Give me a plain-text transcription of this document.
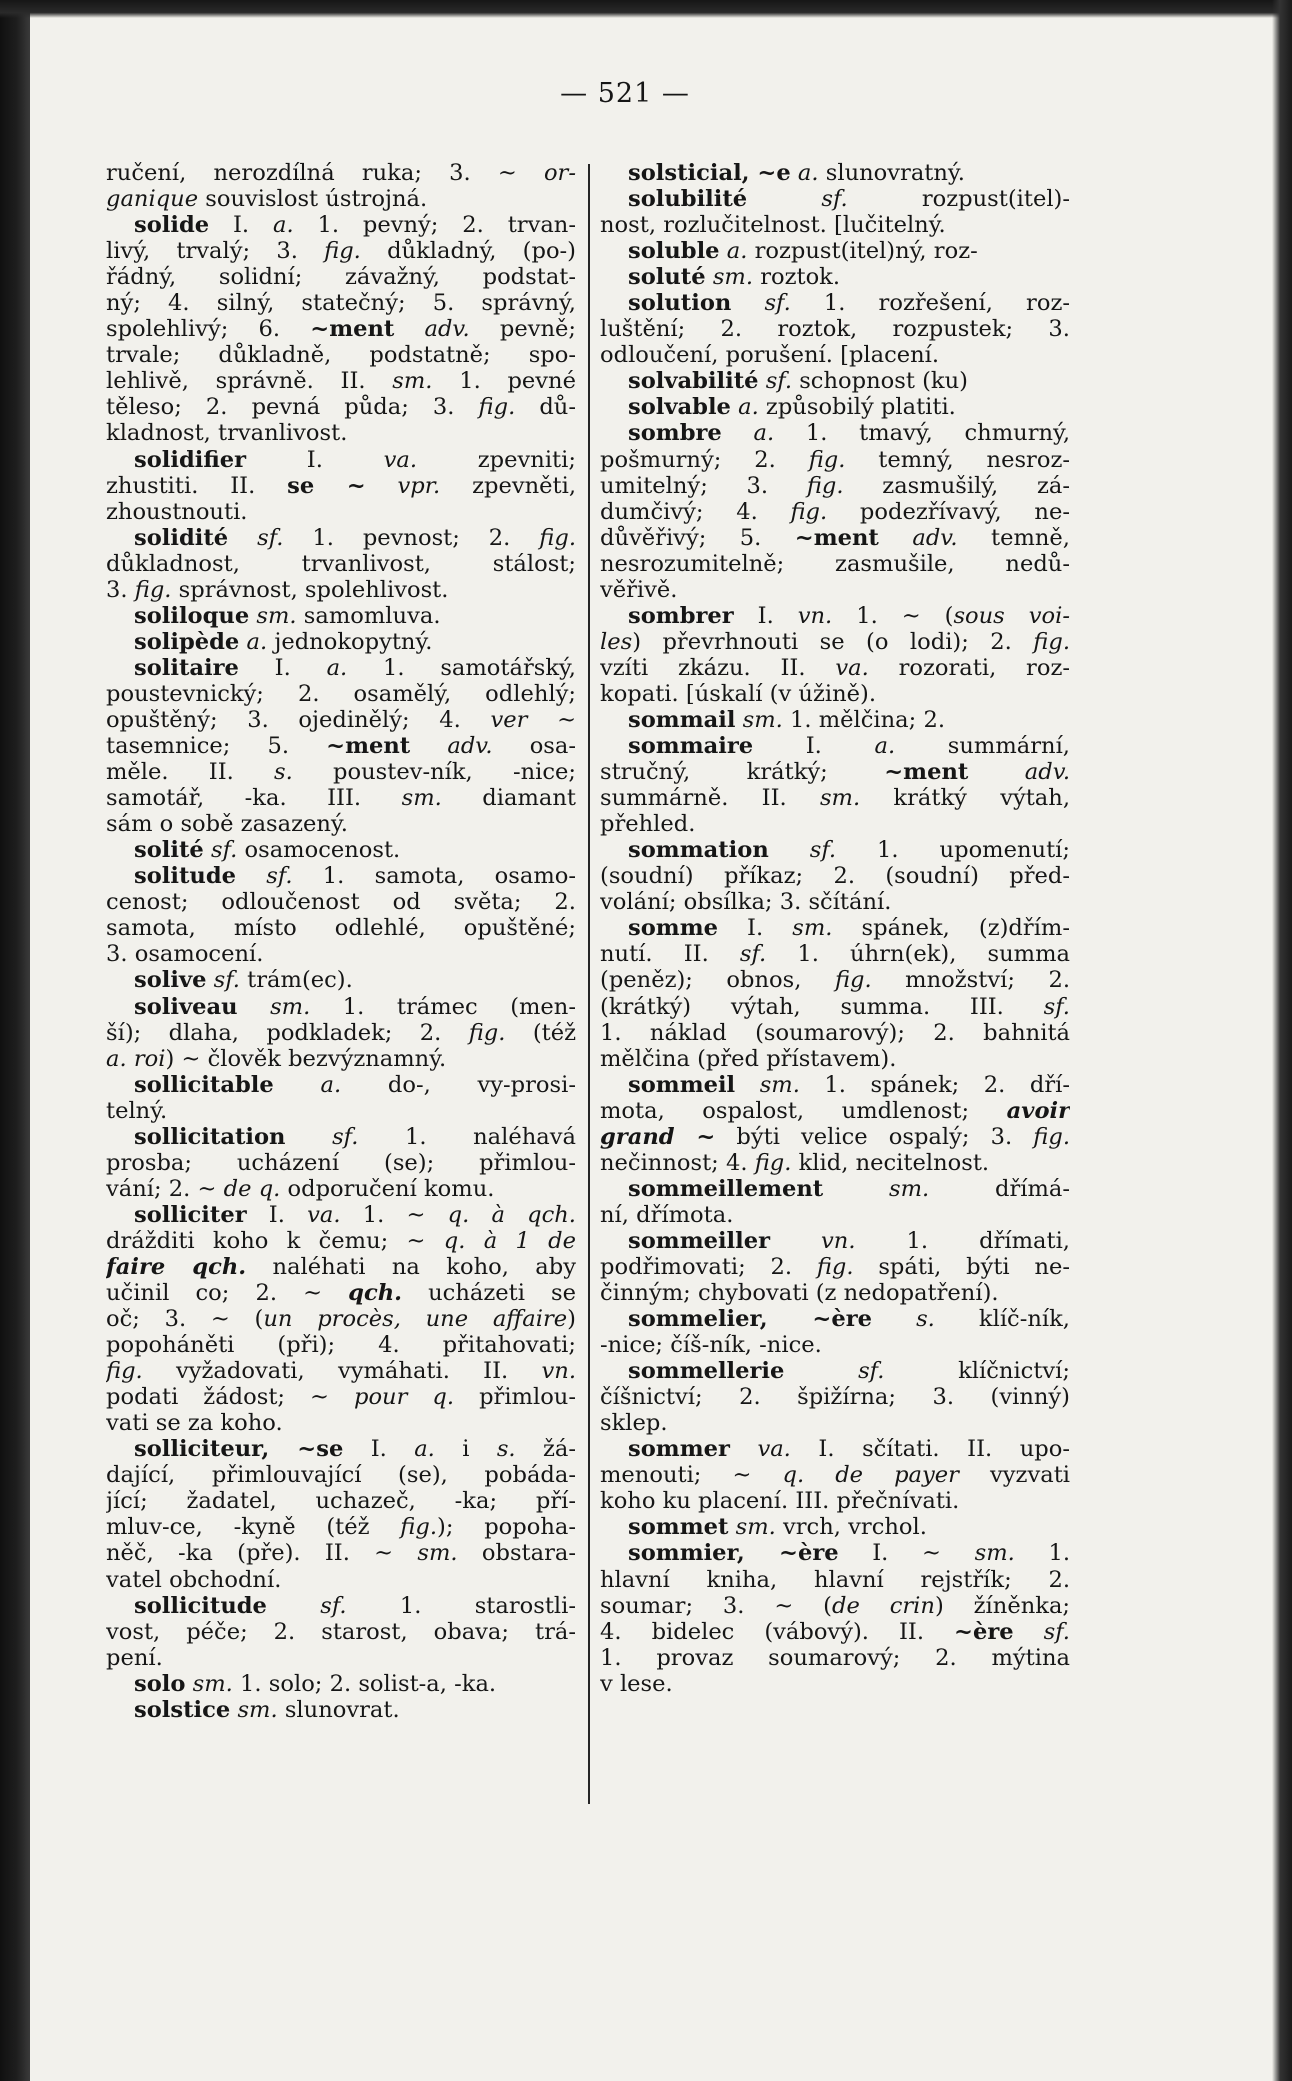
— 521 —
ručení, nerozdílná ruka; 3. ~ or-
ganique souvislost ústrojná.
solide I. a. 1. pevný; 2. trvan-
livý, trvalý; 3. fig. důkladný, (po-)
řádný, solidní; závažný, podstat-
ný; 4. silný, statečný; 5. správný,
spolehlivý; 6. ~ment adv. pevně;
trvale; důkladně, podstatně; spo-
lehlivě, správně. II. sm. 1. pevné
těleso; 2. pevná půda; 3. fig. dů-
kladnost, trvanlivost.
solidifier I. va. zpevniti;
zhustiti. II. se ~ vpr. zpevněti,
zhoustnouti.
solidité sf. 1. pevnost; 2. fig.
důkladnost, trvanlivost, stálost;
3. fig. správnost, spolehlivost.
soliloque sm. samomluva.
solipède a. jednokopytný.
solitaire I. a. 1. samotářský,
poustevnický; 2. osamělý, odlehlý;
opuštěný; 3. ojedinělý; 4. ver ~
tasemnice; 5. ~ment adv. osa-
měle. II. s. poustev-ník, -nice;
samotář, -ka. III. sm. diamant
sám o sobě zasazený.
solité sf. osamocenost.
solitude sf. 1. samota, osamo-
cenost; odloučenost od světa; 2.
samota, místo odlehlé, opuštěné;
3. osamocení.
solive sf. trám(ec).
soliveau sm. 1. trámec (men-
ší); dlaha, podkladek; 2. fig. (též
a. roi) ~ člověk bezvýznamný.
sollicitable a. do-, vy-prosi-
telný.
sollicitation sf. 1. naléhavá
prosba; ucházení (se); přimlou-
vání; 2. ~ de q. odporučení komu.
solliciter I. va. 1. ~ q. à qch.
drážditi koho k čemu; ~ q. à 1 de
faire qch. naléhati na koho, aby
učinil co; 2. ~ qch. ucházeti se
oč; 3. ~ (un procès, une affaire)
popoháněti (při); 4. přitahovati;
fig. vyžadovati, vymáhati. II. vn.
podati žádost; ~ pour q. přimlou-
vati se za koho.
solliciteur, ~se I. a. i s. žá-
dající, přimlouvající (se), pobáda-
jící; žadatel, uchazeč, -ka; pří-
mluv-ce, -kyně (též fig.); popoha-
něč, -ka (pře). II. ~ sm. obstara-
vatel obchodní.
sollicitude sf. 1. starostli-
vost, péče; 2. starost, obava; trá-
pení.
solo sm. 1. solo; 2. solist-a, -ka.
solstice sm. slunovrat.
solsticial, ~e a. slunovratný.
solubilité	sf. rozpust(itel)-
nost, rozlučitelnost. [lučitelný.
soluble a. rozpust(itel)ný, roz-
soluté sm. roztok.
solution sf. 1. rozřešení, roz-
luštění; 2. roztok, rozpustek; 3.
odloučení, porušení. [placení.
solvabilité sf. schopnost (ku)
solvable a. způsobilý platiti.
sombre a. 1. tmavý, chmurný,
pošmurný; 2. fig. temný, nesroz-
umitelný; 3. fig. zasmušilý, zá-
dumčivý; 4. fig. podezřívavý, ne-
důvěřivý; 5. ~ment adv. temně,
nesrozumitelně; zasmušile, nedů-
věřivě.
sombrer I. vn. 1. ~ (sous voi-
les) převrhnouti se (o lodi); 2. fig.
vzíti zkázu. II. va. rozorati, roz-
kopati. [úskalí (v úžině).
sommail sm. 1. mělčina; 2.
sommaire I. a. summární,
stručný, krátký; ~ment adv.
summárně. II. sm. krátký výtah,
přehled.
sommation sf. 1. upomenutí;
(soudní) příkaz; 2. (soudní) před-
volání; obsílka; 3. sčítání.
somme I. sm. spánek, (z)dřím-
nutí. II. sf. 1. úhrn(ek), summa
(peněz); obnos, fig. množství; 2.
(krátký) výtah, summa. III. sf.
1. náklad (soumarový); 2. bahnitá
mělčina (před přístavem).
sommeil sm. 1. spánek; 2. dří-
mota, ospalost, umdlenost; avoir
grand ~ býti velice ospalý; 3. fig.
nečinnost; 4. fig. klid, necitelnost.
sommeillement	sm. dřímá-
ní, dřímota.
sommeiller vn. 1. dřímati,
podřimovati; 2. fig. spáti, býti ne-
činným; chybovati (z nedopatření).
sommelier, ~ère s. klíč-ník,
-nice; číš-ník, -nice.
sommellerie	sf. klíčnictví;
číšnictví; 2. špižírna; 3. (vinný)
sklep.
sommer va. I. sčítati. II. upo-
menouti; ~ q. de payer vyzvati
koho ku placení. III. přečnívati.
sommet sm. vrch, vrchol.
sommier, ~ère I. ~ sm. 1.
hlavní kniha, hlavní rejstřík; 2.
soumar; 3. ~ (de crin) žíněnka;
4. bidelec (vábový). II. ~ère sf.
1. provaz soumarový; 2. mýtina
v lese.
